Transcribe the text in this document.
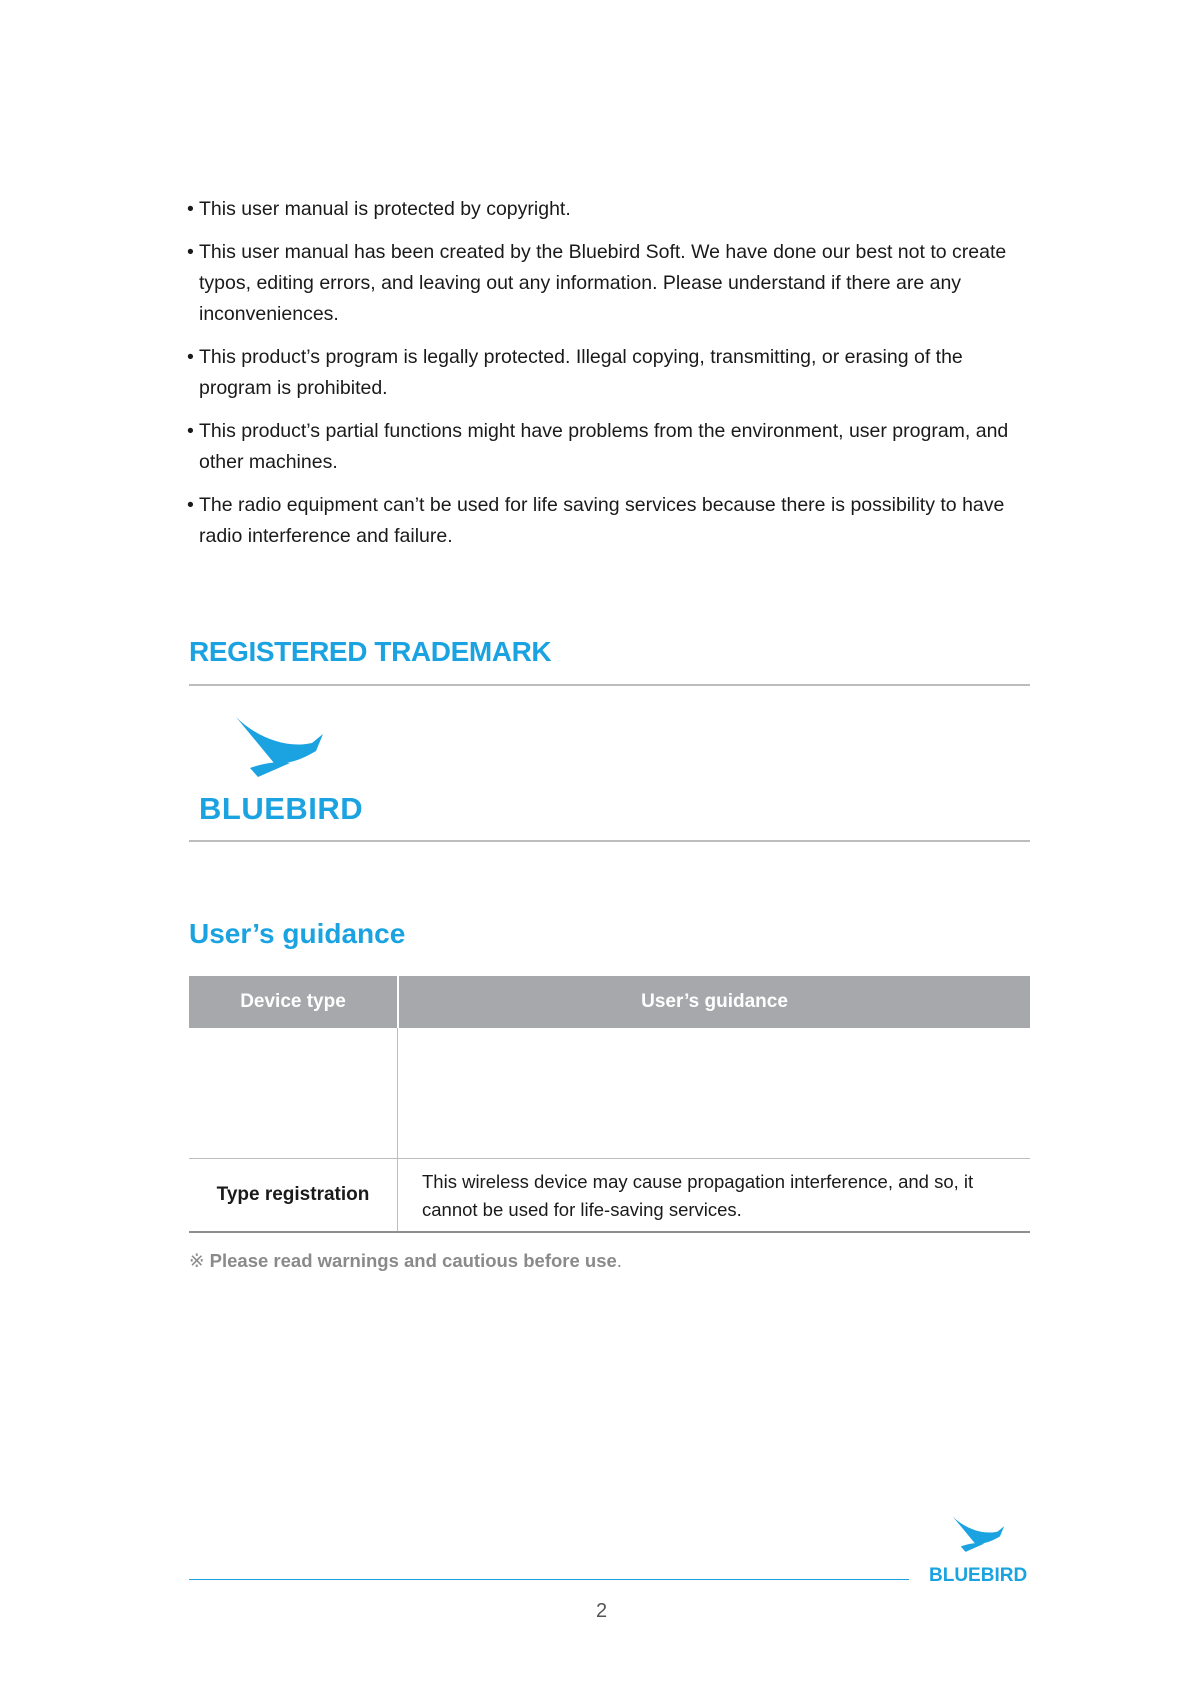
• This user manual is protected by copyright.

• This user manual has been created by the Bluebird Soft. We have done our best not to create typos, editing errors, and leaving out any information. Please understand if there are any inconveniences.

• This product’s program is legally protected. Illegal copying, transmitting, or erasing of the program is prohibited.

• This product’s partial functions might have problems from the environment, user program, and other machines.

• The radio equipment can’t be used for life saving services because there is possibility to have radio interference and failure.

REGISTERED TRADEMARK
BLUEBIRD
User’s guidance
Device type	User’s guidance
Type registration
This wireless device may cause propagation interference, and so, it cannot be used for life-saving services.
※ Please read warnings and cautious before use.
BLUEBIRD
2
